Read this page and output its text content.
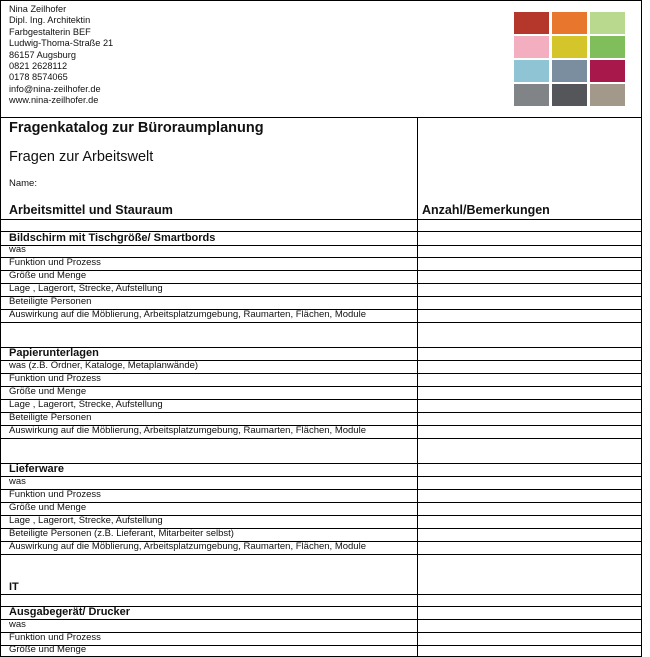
Nina Zeilhofer
Dipl. Ing. Architektin
Farbgestalterin BEF
Ludwig-Thoma-Straße 21
86157 Augsburg
0821 2628112
0178 8574065
info@nina-zeilhofer.de
www.nina-zeilhofer.de
Fragenkatalog zur Büroraumplanung
Fragen zur Arbeitswelt
Name:
Arbeitsmittel und Stauraum	Anzahl/Bemerkungen
Bildschirm mit Tischgröße/ Smartbords
was
Funktion und Prozess
Größe und Menge
Lage , Lagerort, Strecke, Aufstellung
Beteiligte Personen
Auswirkung auf die Möblierung, Arbeitsplatzumgebung, Raumarten, Flächen, Module
Papierunterlagen
was (z.B. Ordner, Kataloge, Metaplanwände)
Funktion und Prozess
Größe und Menge
Lage , Lagerort, Strecke, Aufstellung
Beteiligte Personen
Auswirkung auf die Möblierung, Arbeitsplatzumgebung, Raumarten, Flächen, Module
Lieferware
was
Funktion und Prozess
Größe und Menge
Lage , Lagerort, Strecke, Aufstellung
Beteiligte Personen (z.B. Lieferant, Mitarbeiter selbst)
Auswirkung auf die Möblierung, Arbeitsplatzumgebung, Raumarten, Flächen, Module
IT
Ausgabegerät/ Drucker
was
Funktion und Prozess
Größe und Menge
